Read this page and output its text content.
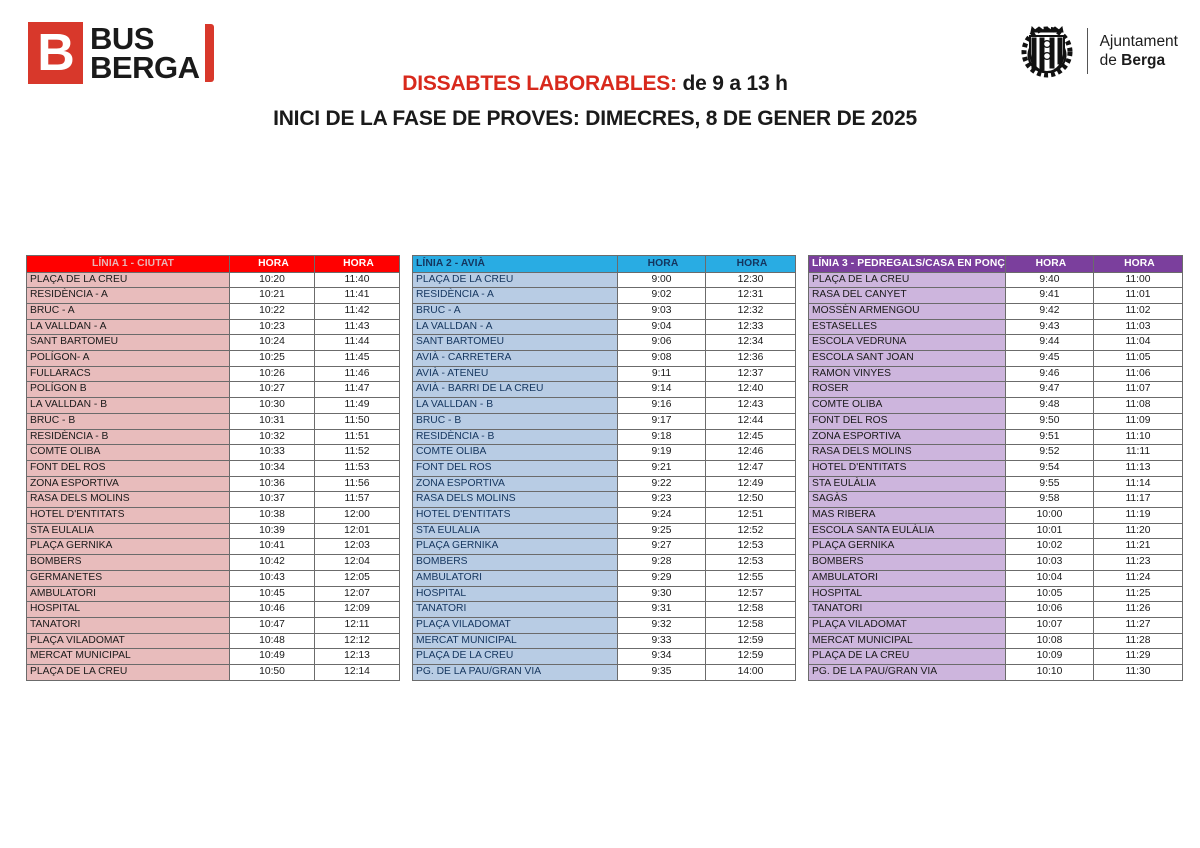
B BUS
BERGA	DISSABTES LABORABLES: de 9 a 13 h
INICI DE LA FASE DE PROVES: DIMECRES, 8 DE GENER DE 2025
Ajuntament
de Berga
LÍNIA 1 - CIUTAT	HORA	HORA
PLAÇA DE LA CREU	10:20	11:40
RESIDÈNCIA - A	10:21	11:41
BRUC - A	10:22	11:42
LA VALLDAN - A	10:23	11:43
SANT BARTOMEU	10:24	11:44
POLÍGON- A	10:25	11:45
FULLARACS	10:26	11:46
POLÍGON B	10:27	11:47
LA VALLDAN - B	10:30	11:49
BRUC - B	10:31	11:50
RESIDÈNCIA - B	10:32	11:51
COMTE OLIBA	10:33	11:52
FONT DEL ROS	10:34	11:53
ZONA ESPORTIVA	10:36	11:56
RASA DELS MOLINS	10:37	11:57
HOTEL D'ENTITATS	10:38	12:00
STA EULALIA	10:39	12:01
PLAÇA GERNIKA	10:41	12:03
BOMBERS	10:42	12:04
GERMANETES	10:43	12:05
AMBULATORI	10:45	12:07
HOSPITAL	10:46	12:09
TANATORI	10:47	12:11
PLAÇA VILADOMAT	10:48	12:12
MERCAT MUNICIPAL	10:49	12:13
PLAÇA DE LA CREU	10:50	12:14
LÍNIA 2 - AVIÀ	HORA	HORA
PLAÇA DE LA CREU	9:00	12:30
RESIDÈNCIA - A	9:02	12:31
BRUC - A	9:03	12:32
LA VALLDAN - A	9:04	12:33
SANT BARTOMEU	9:06	12:34
AVIÀ - CARRETERA	9:08	12:36
AVIÀ - ATENEU	9:11	12:37
AVIÀ - BARRI DE LA CREU	9:14	12:40
LA VALLDAN - B	9:16	12:43
BRUC - B	9:17	12:44
RESIDÈNCIA - B	9:18	12:45
COMTE OLIBA	9:19	12:46
FONT DEL ROS	9:21	12:47
ZONA ESPORTIVA	9:22	12:49
RASA DELS MOLINS	9:23	12:50
HOTEL D'ENTITATS	9:24	12:51
STA EULALIA	9:25	12:52
PLAÇA GERNIKA	9:27	12:53
BOMBERS	9:28	12:53
AMBULATORI	9:29	12:55
HOSPITAL	9:30	12:57
TANATORI	9:31	12:58
PLAÇA VILADOMAT	9:32	12:58
MERCAT MUNICIPAL	9:33	12:59
PLAÇA DE LA CREU	9:34	12:59
PG. DE LA PAU/GRAN VIA	9:35	14:00
LÍNIA 3 - PEDREGALS/CASA EN PONÇ	HORA	HORA
PLAÇA DE LA CREU	9:40	11:00
RASA DEL CANYET	9:41	11:01
MOSSÈN ARMENGOU	9:42	11:02
ESTASELLES	9:43	11:03
ESCOLA VEDRUNA	9:44	11:04
ESCOLA SANT JOAN	9:45	11:05
RAMON VINYES	9:46	11:06
ROSER	9:47	11:07
COMTE OLIBA	9:48	11:08
FONT DEL ROS	9:50	11:09
ZONA ESPORTIVA	9:51	11:10
RASA DELS MOLINS	9:52	11:11
HOTEL D'ENTITATS	9:54	11:13
STA EULÀLIA	9:55	11:14
SAGÀS	9:58	11:17
MAS RIBERA	10:00	11:19
ESCOLA SANTA EULÀLIA	10:01	11:20
PLAÇA GERNIKA	10:02	11:21
BOMBERS	10:03	11:23
AMBULATORI	10:04	11:24
HOSPITAL	10:05	11:25
TANATORI	10:06	11:26
PLAÇA VILADOMAT	10:07	11:27
MERCAT MUNICIPAL	10:08	11:28
PLAÇA DE LA CREU	10:09	11:29
PG. DE LA PAU/GRAN VIA	10:10	11:30
